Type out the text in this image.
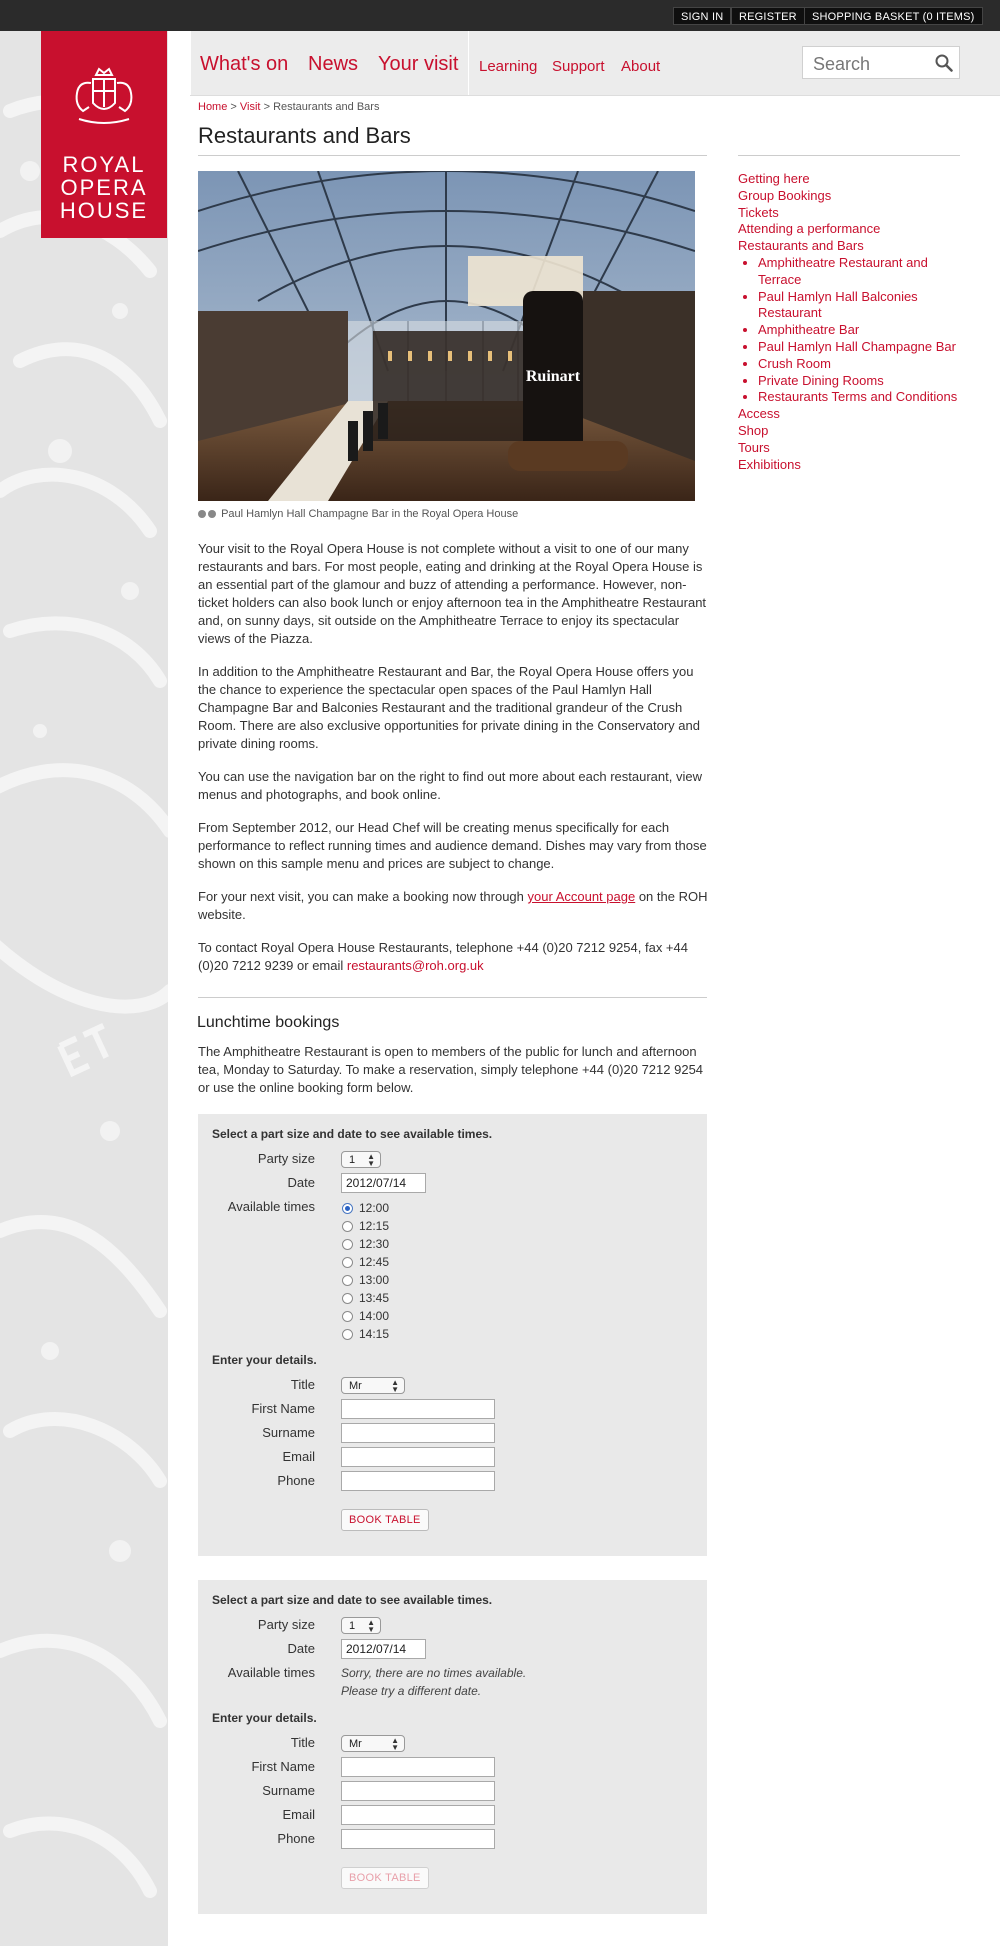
SIGN IN	REGISTER	SHOPPING BASKET (0 ITEMS)
ROYAL
OPERA
HOUSE
What's on News Your visit Learning Support About
Search
Home > Visit > Restaurants and Bars
Restaurants and Bars
Ruinart
Paul Hamlyn Hall Champagne Bar in the Royal Opera House

Your visit to the Royal Opera House is not complete without a visit to one of our many restaurants and bars. For most people, eating and drinking at the Royal Opera House is an essential part of the glamour and buzz of attending a performance. However, non-ticket holders can also book lunch or enjoy afternoon tea in the Amphitheatre Restaurant and, on sunny days, sit outside on the Amphitheatre Terrace to enjoy its spectacular views of the Piazza.

In addition to the Amphitheatre Restaurant and Bar, the Royal Opera House offers you the chance to experience the spectacular open spaces of the Paul Hamlyn Hall Champagne Bar and Balconies Restaurant and the traditional grandeur of the Crush Room. There are also exclusive opportunities for private dining in the Conservatory and private dining rooms.

You can use the navigation bar on the right to find out more about each restaurant, view menus and photographs, and book online.

From September 2012, our Head Chef will be creating menus specifically for each performance to reflect running times and audience demand. Dishes may vary from those shown on this sample menu and prices are subject to change.

For your next visit, you can make a booking now through your Account page on the ROH website.

To contact Royal Opera House Restaurants, telephone +44 (0)20 7212 9254, fax +44 (0)20 7212 9239 or email restaurants@roh.org.uk

Getting here
Group Bookings
Tickets
Attending a performance
Restaurants and Bars
• Amphitheatre Restaurant and Terrace
• Paul Hamlyn Hall Balconies Restaurant
• Amphitheatre Bar
• Paul Hamlyn Hall Champagne Bar
• Crush Room
• Private Dining Rooms
• Restaurants Terms and Conditions
Access
Shop
Tours
Exhibitions
Lunchtime bookings

The Amphitheatre Restaurant is open to members of the public for lunch and afternoon tea, Monday to Saturday. To make a reservation, simply telephone +44 (0)20 7212 9254 or use the online booking form below.

Select a part size and date to see available times.
Party size	1 ▲
▼
Date	2012/07/14
Available times	12:00
12:15
12:30
12:45
13:00
13:45
14:00
14:15
Enter your details.
Title	Mr	▲
▼
First Name
Surname
Email
Phone
BOOK TABLE
Select a part size and date to see available times.
Party size	1 ▲
▼
Date	2012/07/14
Available times Sorry, there are no times available.
Please try a different date.
Enter your details.
Title	Mr	▲
▼
First Name
Surname
Email
Phone
BOOK TABLE
